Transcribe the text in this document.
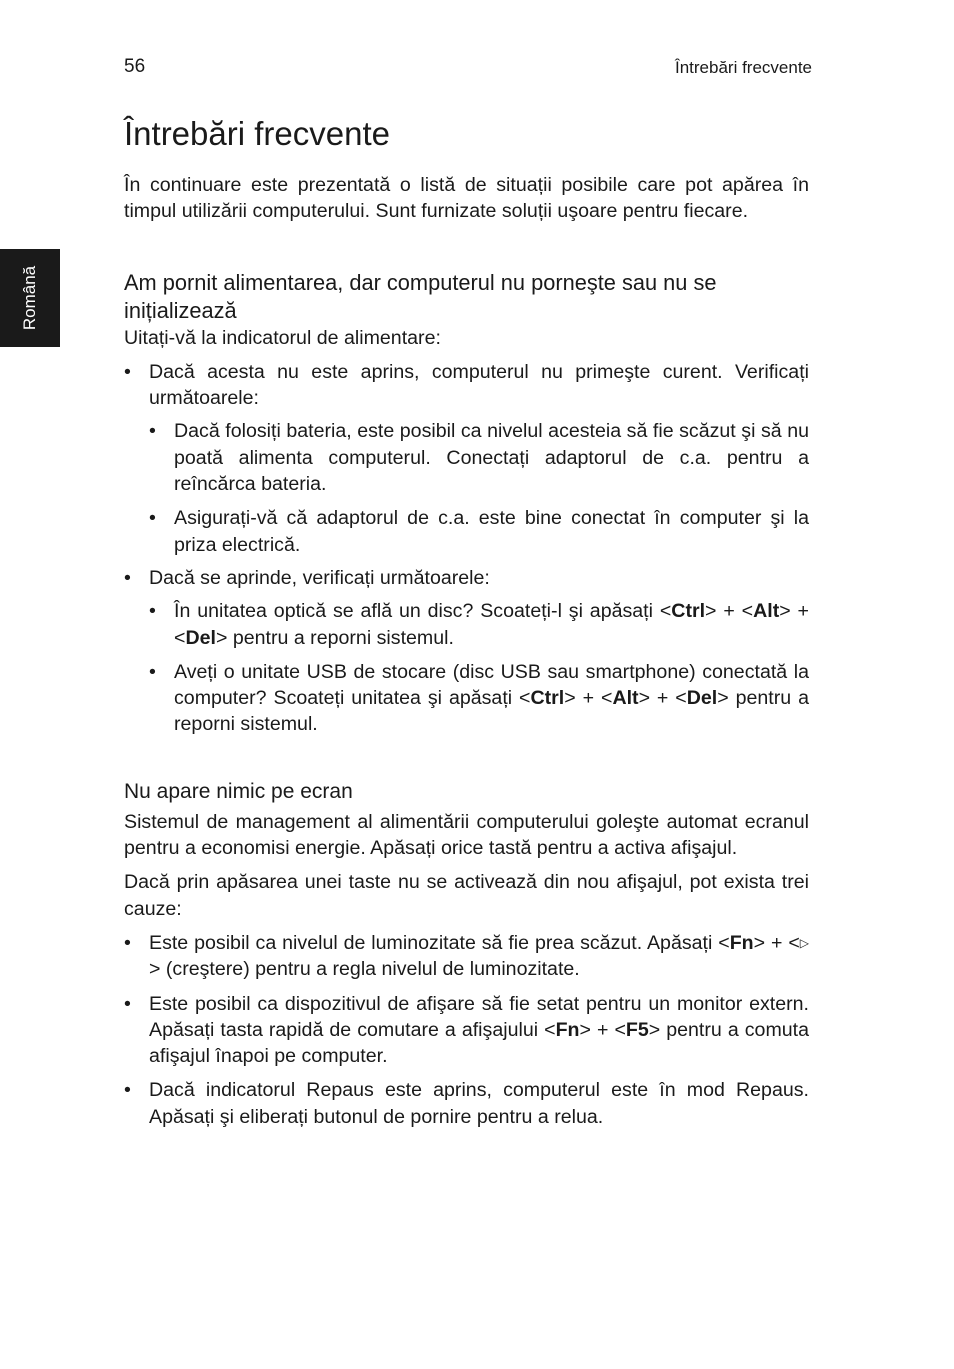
56	Întrebări frecvente
Română
Întrebări frecvente

În continuare este prezentată o listă de situații posibile care pot apărea în timpul utilizării computerului. Sunt furnizate soluții uşoare pentru fiecare.

Am pornit alimentarea, dar computerul nu porneşte sau nu se inițializează

Uitați-vă la indicatorul de alimentare:

• Dacă acesta nu este aprins, computerul nu primeşte curent. Verificați următoarele:
• Dacă folosiți bateria, este posibil ca nivelul acesteia să fie scăzut şi să nu poată alimenta computerul. Conectați adaptorul de c.a. pentru a reîncărca bateria.
• Asigurați-vă că adaptorul de c.a. este bine conectat în computer şi la priza electrică.
• Dacă se aprinde, verificați următoarele:
• În unitatea optică se află un disc? Scoateți-l şi apăsați <Ctrl> + <Alt> + <Del> pentru a reporni sistemul.
• Aveți o unitate USB de stocare (disc USB sau smartphone) conectată la computer? Scoateți unitatea şi apăsați <Ctrl> + <Alt> + <Del> pentru a reporni sistemul.
Nu apare nimic pe ecran

Sistemul de management al alimentării computerului goleşte automat ecranul pentru a economisi energie. Apăsați orice tastă pentru a activa afişajul.

Dacă prin apăsarea unei taste nu se activează din nou afişajul, pot exista trei cauze:

• Este posibil ca nivelul de luminozitate să fie prea scăzut. Apăsați <Fn> + <▷> (creştere) pentru a regla nivelul de luminozitate.
• Este posibil ca dispozitivul de afişare să fie setat pentru un monitor extern. Apăsați tasta rapidă de comutare a afişajului <Fn> + <F5> pentru a comuta afişajul înapoi pe computer.
• Dacă indicatorul Repaus este aprins, computerul este în mod Repaus. Apăsați şi eliberați butonul de pornire pentru a relua.
